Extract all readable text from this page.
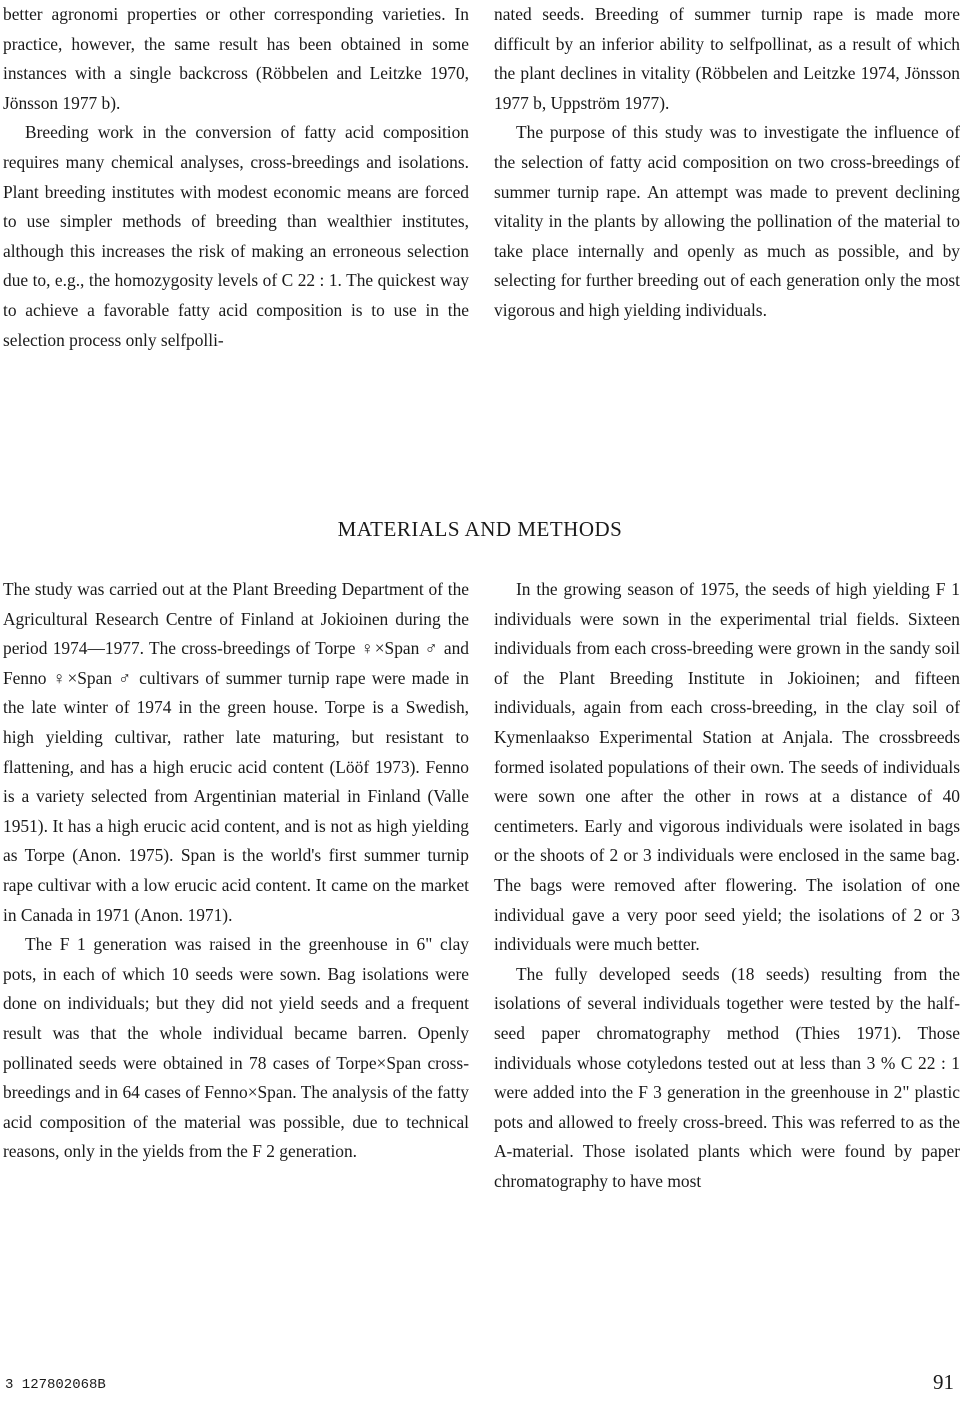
better agronomi properties or other corresponding varieties. In practice, however, the same result has been obtained in some instances with a single backcross (Röbbelen and Leitzke 1970, Jönsson 1977 b).

Breeding work in the conversion of fatty acid composition requires many chemical analyses, cross-breedings and isolations. Plant breeding institutes with modest economic means are forced to use simpler methods of breeding than wealthier institutes, although this increases the risk of making an erroneous selection due to, e.g., the homozygosity levels of C 22 : 1. The quickest way to achieve a favorable fatty acid composition is to use in the selection process only selfpolli-

nated seeds. Breeding of summer turnip rape is made more difficult by an inferior ability to selfpollinat, as a result of which the plant declines in vitality (Röbbelen and Leitzke 1974, Jönsson 1977 b, Uppström 1977).

The purpose of this study was to investigate the influence of the selection of fatty acid composition on two cross-breedings of summer turnip rape. An attempt was made to prevent declining vitality in the plants by allowing the pollination of the material to take place internally and openly as much as possible, and by selecting for further breeding out of each generation only the most vigorous and high yielding individuals.

MATERIALS AND METHODS

The study was carried out at the Plant Breeding Department of the Agricultural Research Centre of Finland at Jokioinen during the period 1974—1977. The cross-breedings of Torpe ♀×Span ♂ and Fenno ♀×Span ♂ cultivars of summer turnip rape were made in the late winter of 1974 in the green house. Torpe is a Swedish, high yielding cultivar, rather late maturing, but resistant to flattening, and has a high erucic acid content (Lööf 1973). Fenno is a variety selected from Argentinian material in Finland (Valle 1951). It has a high erucic acid content, and is not as high yielding as Torpe (Anon. 1975). Span is the world's first summer turnip rape cultivar with a low erucic acid content. It came on the market in Canada in 1971 (Anon. 1971).

The F 1 generation was raised in the greenhouse in 6" clay pots, in each of which 10 seeds were sown. Bag isolations were done on individuals; but they did not yield seeds and a frequent result was that the whole individual became barren. Openly pollinated seeds were obtained in 78 cases of Torpe×Span cross-breedings and in 64 cases of Fenno×Span. The analysis of the fatty acid composition of the material was possible, due to technical reasons, only in the yields from the F 2 generation.

In the growing season of 1975, the seeds of high yielding F 1 individuals were sown in the experimental trial fields. Sixteen individuals from each cross-breeding were grown in the sandy soil of the Plant Breeding Institute in Jokioinen; and fifteen individuals, again from each cross-breeding, in the clay soil of Kymenlaakso Experimental Station at Anjala. The crossbreeds formed isolated populations of their own. The seeds of individuals were sown one after the other in rows at a distance of 40 centimeters. Early and vigorous individuals were isolated in bags or the shoots of 2 or 3 individuals were enclosed in the same bag. The bags were removed after flowering. The isolation of one individual gave a very poor seed yield; the isolations of 2 or 3 individuals were much better.

The fully developed seeds (18 seeds) resulting from the isolations of several individuals together were tested by the half-seed paper chromatography method (Thies 1971). Those individuals whose cotyledons tested out at less than 3 % C 22 : 1 were added into the F 3 generation in the greenhouse in 2" plastic pots and allowed to freely cross-breed. This was referred to as the A-material. Those isolated plants which were found by paper chromatography to have most

3 127802068B	91
